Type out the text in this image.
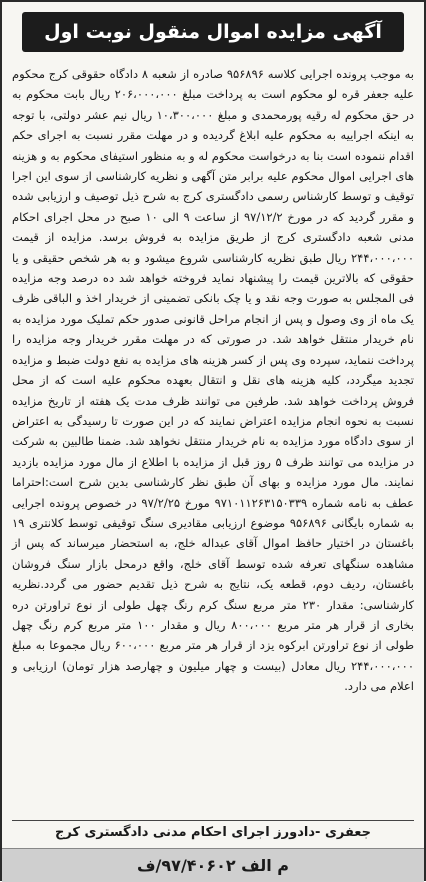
آگهی مزایده اموال منقول نوبت اول

به موجب پرونده اجرایی کلاسه ۹۵۶۸۹۶ صادره از شعبه ۸ دادگاه حقوقی کرج محکوم علیه جعفر قره لو محکوم است به پرداخت مبلغ ۲۰۶،۰۰۰،۰۰۰ ریال بابت محکوم به در حق محکوم له رقیه پورمحمدی و مبلغ ۱۰،۳۰۰،۰۰۰ ریال نیم عشر دولتی، با توجه به اینکه اجراییه به محکوم علیه ابلاغ گردیده و در مهلت مقرر نسبت به اجرای حکم اقدام ننموده است بنا به درخواست محکوم له و به منظور استیفای محکوم به و هزینه های اجرایی اموال محکوم علیه برابر متن آگهی و نظریه کارشناسی از سوی این اجرا توقیف و توسط کارشناس رسمی دادگستری کرج به شرح ذیل توصیف و ارزیابی شده و مقرر گردید که در مورخ ۹۷/۱۲/۲ از ساعت ۹ الی ۱۰ صبح در محل اجرای احکام مدنی شعبه دادگستری کرج از طریق مزایده به فروش برسد. مزایده از قیمت ۲۴۴،۰۰۰،۰۰۰ ریال طبق نظریه کارشناسی شروع میشود و به هر شخص حقیقی و یا حقوقی که بالاترین قیمت را پیشنهاد نماید فروخته خواهد شد ده درصد وجه مزایده فی المجلس به صورت وجه نقد و یا چک بانکی تضمینی از خریدار اخذ و الباقی ظرف یک ماه از وی وصول و پس از انجام مراحل قانونی صدور حکم تملیک مورد مزایده به نام خریدار منتقل خواهد شد. در صورتی که در مهلت مقرر خریدار وجه مزایده را پرداخت ننماید، سپرده وی پس از کسر هزینه های مزایده به نفع دولت ضبط و مزایده تجدید میگردد، کلیه هزینه های نقل و انتقال بعهده محکوم علیه است که از محل فروش پرداخت خواهد شد. طرفین می توانند ظرف مدت یک هفته از تاریخ مزایده نسبت به نحوه انجام مزایده اعتراض نمایند که در این صورت تا رسیدگی به اعتراض از سوی دادگاه مورد مزایده به نام خریدار منتقل نخواهد شد. ضمنا طالبین به شرکت در مزایده می توانند ظرف ۵ روز قبل از مزایده با اطلاع از مال مورد مزایده بازدید نمایند. مال مورد مزایده و بهای آن طبق نظر کارشناسی بدین شرح است:احتراما عطف به نامه شماره ۹۷۱۰۱۱۲۶۳۱۵۰۳۳۹ مورخ ۹۷/۲/۲۵ در خصوص پرونده اجرایی به شماره بایگانی ۹۵۶۸۹۶ موضوع ارزیابی مقادیری سنگ توقیفی توسط کلانتری ۱۹ باغستان در اختیار حافظ اموال آقای عبداله خلج، به استحضار میرساند که پس از مشاهده سنگهای تعرفه شده توسط آقای خلج، واقع درمحل بازار سنگ فروشان باغستان، ردیف دوم، قطعه یک، نتایج به شرح ذیل تقدیم حضور می گردد.نظریه کارشناسی: مقدار ۲۳۰ متر مربع سنگ کرم رنگ چهل طولی از نوع تراورتن دره بخاری از قرار هر متر مربع ۸۰۰،۰۰۰ ریال و مقدار ۱۰۰ متر مربع کرم رنگ چهل طولی از نوع تراورتن ابرکوه یزد از قرار هر متر مربع ۶۰۰،۰۰۰ ریال مجموعا به مبلغ ۲۴۴،۰۰۰،۰۰۰ ریال معادل (بیست و چهار میلیون و چهارصد هزار تومان) ارزیابی و اعلام می دارد.

جعفری -دادورز اجرای احکام مدنی دادگستری کرج
م الف ۹۷/۴۰۶۰۲/ف
